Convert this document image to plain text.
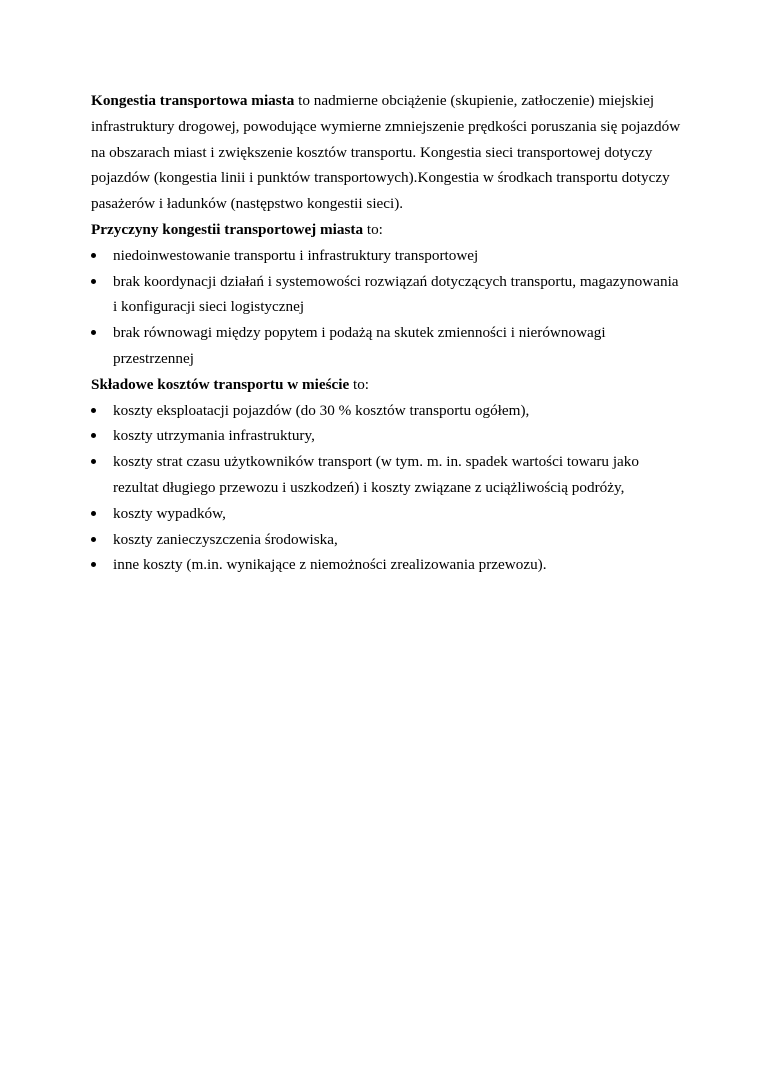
Kongestia transportowa miasta to nadmierne obciążenie (skupienie, zatłoczenie) miejskiej infrastruktury drogowej, powodujące wymierne zmniejszenie prędkości poruszania się pojazdów na obszarach miast i zwiększenie kosztów transportu. Kongestia sieci transportowej dotyczy pojazdów (kongestia linii i punktów transportowych).Kongestia w środkach transportu dotyczy pasażerów i ładunków (następstwo kongestii sieci).

Przyczyny kongestii transportowej miasta to:

niedoinwestowanie transportu i infrastruktury transportowej
brak koordynacji działań i systemowości rozwiązań dotyczących transportu, magazynowania i konfiguracji sieci logistycznej
brak równowagi między popytem i podażą na skutek zmienności i nierównowagi przestrzennej

Składowe kosztów transportu w mieście to:

koszty eksploatacji pojazdów (do 30 % kosztów transportu ogółem),
koszty utrzymania infrastruktury,
koszty strat czasu użytkowników transport (w tym. m. in. spadek wartości towaru jako rezultat długiego przewozu i uszkodzeń) i koszty związane z uciążliwością podróży,
koszty wypadków,
koszty zanieczyszczenia środowiska,
inne koszty (m.in. wynikające z niemożności zrealizowania przewozu).
